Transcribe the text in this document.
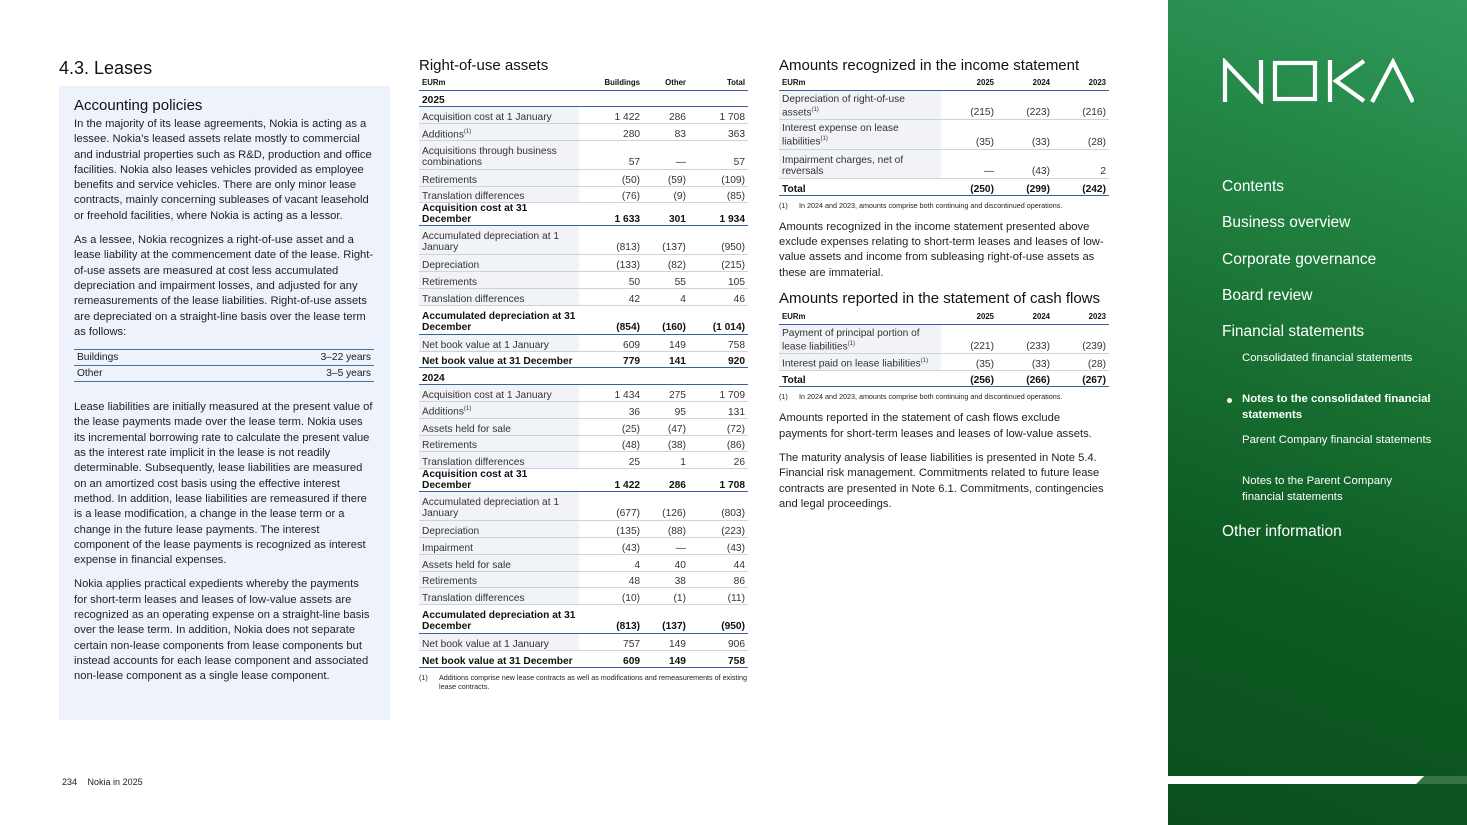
4.3. Leases
Accounting policies

In the majority of its lease agreements, Nokia is acting as a lessee. Nokia’s leased assets relate mostly to commercial and industrial properties such as R&D, production and office facilities. Nokia also leases vehicles provided as employee benefits and service vehicles. There are only minor lease contracts, mainly concerning subleases of vacant leasehold or freehold facilities, where Nokia is acting as a lessor.

As a lessee, Nokia recognizes a right-of-use asset and a lease liability at the commencement date of the lease. Right-of-use assets are measured at cost less accumulated depreciation and impairment losses, and adjusted for any remeasurements of the lease liabilities. Right-of-use assets are depreciated on a straight-line basis over the lease term as follows:

Buildings	3–22 years
Other	3–5 years

Lease liabilities are initially measured at the present value of the lease payments made over the lease term. Nokia uses its incremental borrowing rate to calculate the present value as the interest rate implicit in the lease is not readily determinable. Subsequently, lease liabilities are measured on an amortized cost basis using the effective interest method. In addition, lease liabilities are remeasured if there is a lease modification, a change in the lease term or a change in the future lease payments. The interest component of the lease payments is recognized as interest expense in financial expenses.

Nokia applies practical expedients whereby the payments for short-term leases and leases of low-value assets are recognized as an operating expense on a straight-line basis over the lease term. In addition, Nokia does not separate certain non-lease components from lease components but instead accounts for each lease component and associated non-lease component as a single lease component.

Right-of-use assets
EURm	Buildings	Other	Total
2025			
Acquisition cost at 1 January	1 422	286	1 708
Additions$^{(1)}$	280	83	363
Acquisitions through business combinations	57	—	57
Retirements	(50)	(59)	(109)
Translation differences	(76)	(9)	(85)
Acquisition cost at 31 December	1 633	301	1 934
Accumulated depreciation at 1 January	(813)	(137)	(950)
Depreciation	(133)	(82)	(215)
Retirements	50	55	105
Translation differences	42	4	46
Accumulated depreciation at 31 December	(854)	(160)	(1 014)
Net book value at 1 January	609	149	758
Net book value at 31 December	779	141	920
2024			
Acquisition cost at 1 January	1 434	275	1 709
Additions$^{(1)}$	36	95	131
Assets held for sale	(25)	(47)	(72)
Retirements	(48)	(38)	(86)
Translation differences	25	1	26
Acquisition cost at 31 December	1 422	286	1 708
Accumulated depreciation at 1 January	(677)	(126)	(803)
Depreciation	(135)	(88)	(223)
Impairment	(43)	—	(43)
Assets held for sale	4	40	44
Retirements	48	38	86
Translation differences	(10)	(1)	(11)
Accumulated depreciation at 31 December	(813)	(137)	(950)
Net book value at 1 January	757	149	906
Net book value at 31 December	609	149	758
(1)	Additions comprise new lease contracts as well as modifications and remeasurements of existing lease contracts.
Amounts recognized in the income statement
EURm	2025	2024	2023
Depreciation of right-of-use assets$^{(1)}$	(215)	(223)	(216)
Interest expense on lease liabilities$^{(1)}$	(35)	(33)	(28)
Impairment charges, net of reversals	—	(43)	2
Total	(250)	(299)	(242)
(1)	In 2024 and 2023, amounts comprise both continuing and discontinued operations.

Amounts recognized in the income statement presented above exclude expenses relating to short-term leases and leases of low-value assets and income from subleasing right-of-use assets as these are immaterial.

Amounts reported in the statement of cash flows
EURm	2025	2024	2023
Payment of principal portion of lease liabilities$^{(1)}$	(221)	(233)	(239)
Interest paid on lease liabilities$^{(1)}$	(35)	(33)	(28)
Total	(256)	(266)	(267)
(1)	In 2024 and 2023, amounts comprise both continuing and discontinued operations.

Amounts reported in the statement of cash flows exclude payments for short-term leases and leases of low-value assets.

The maturity analysis of lease liabilities is presented in Note 5.4. Financial risk management. Commitments related to future lease contracts are presented in Note 6.1. Commitments, contingencies and legal proceedings.

234 Nokia in 2025
Contents
Business overview
Corporate governance
Board review
Financial statements
Consolidated financial statements
Notes to the consolidated financial statements
Parent Company financial statements
Notes to the Parent Company financial statements
Other information
